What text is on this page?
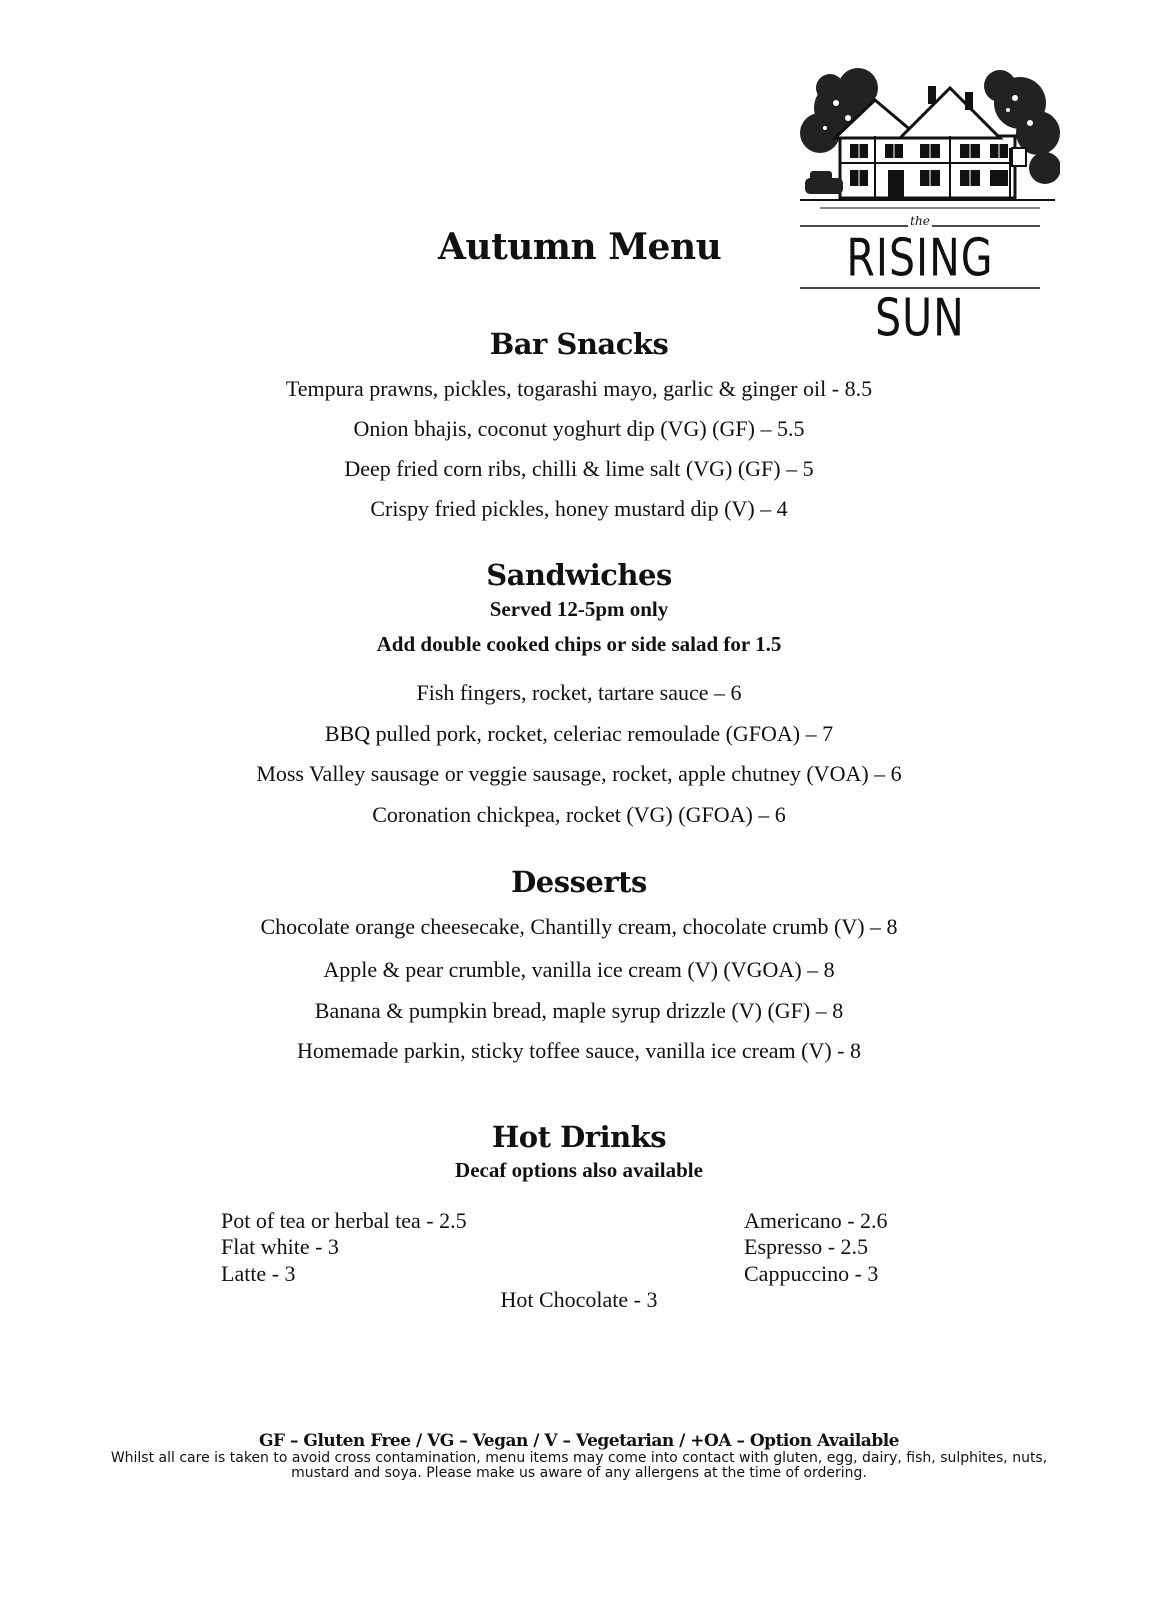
Autumn Menu
the
RISING SUN
Bar Snacks
Tempura prawns, pickles, togarashi mayo, garlic & ginger oil - 8.5
Onion bhajis, coconut yoghurt dip (VG) (GF) – 5.5
Deep fried corn ribs, chilli & lime salt (VG) (GF) – 5
Crispy fried pickles, honey mustard dip (V) – 4
Sandwiches
Served 12-5pm only
Add double cooked chips or side salad for 1.5
Fish fingers, rocket, tartare sauce – 6
BBQ pulled pork, rocket, celeriac remoulade (GFOA) – 7
Moss Valley sausage or veggie sausage, rocket, apple chutney (VOA) – 6
Coronation chickpea, rocket (VG) (GFOA) – 6
Desserts
Chocolate orange cheesecake, Chantilly cream, chocolate crumb (V) – 8
Apple & pear crumble, vanilla ice cream (V) (VGOA) – 8
Banana & pumpkin bread, maple syrup drizzle (V) (GF) – 8
Homemade parkin, sticky toffee sauce, vanilla ice cream (V) - 8
Hot Drinks
Decaf options also available
Pot of tea or herbal tea - 2.5
Flat white - 3
Latte - 3
Americano - 2.6
Espresso - 2.5
Cappuccino - 3
Hot Chocolate - 3
GF – Gluten Free / VG – Vegan / V – Vegetarian / +OA – Option Available
Whilst all care is taken to avoid cross contamination, menu items may come into contact with gluten, egg, dairy, fish, sulphites, nuts,
mustard and soya. Please make us aware of any allergens at the time of ordering.
